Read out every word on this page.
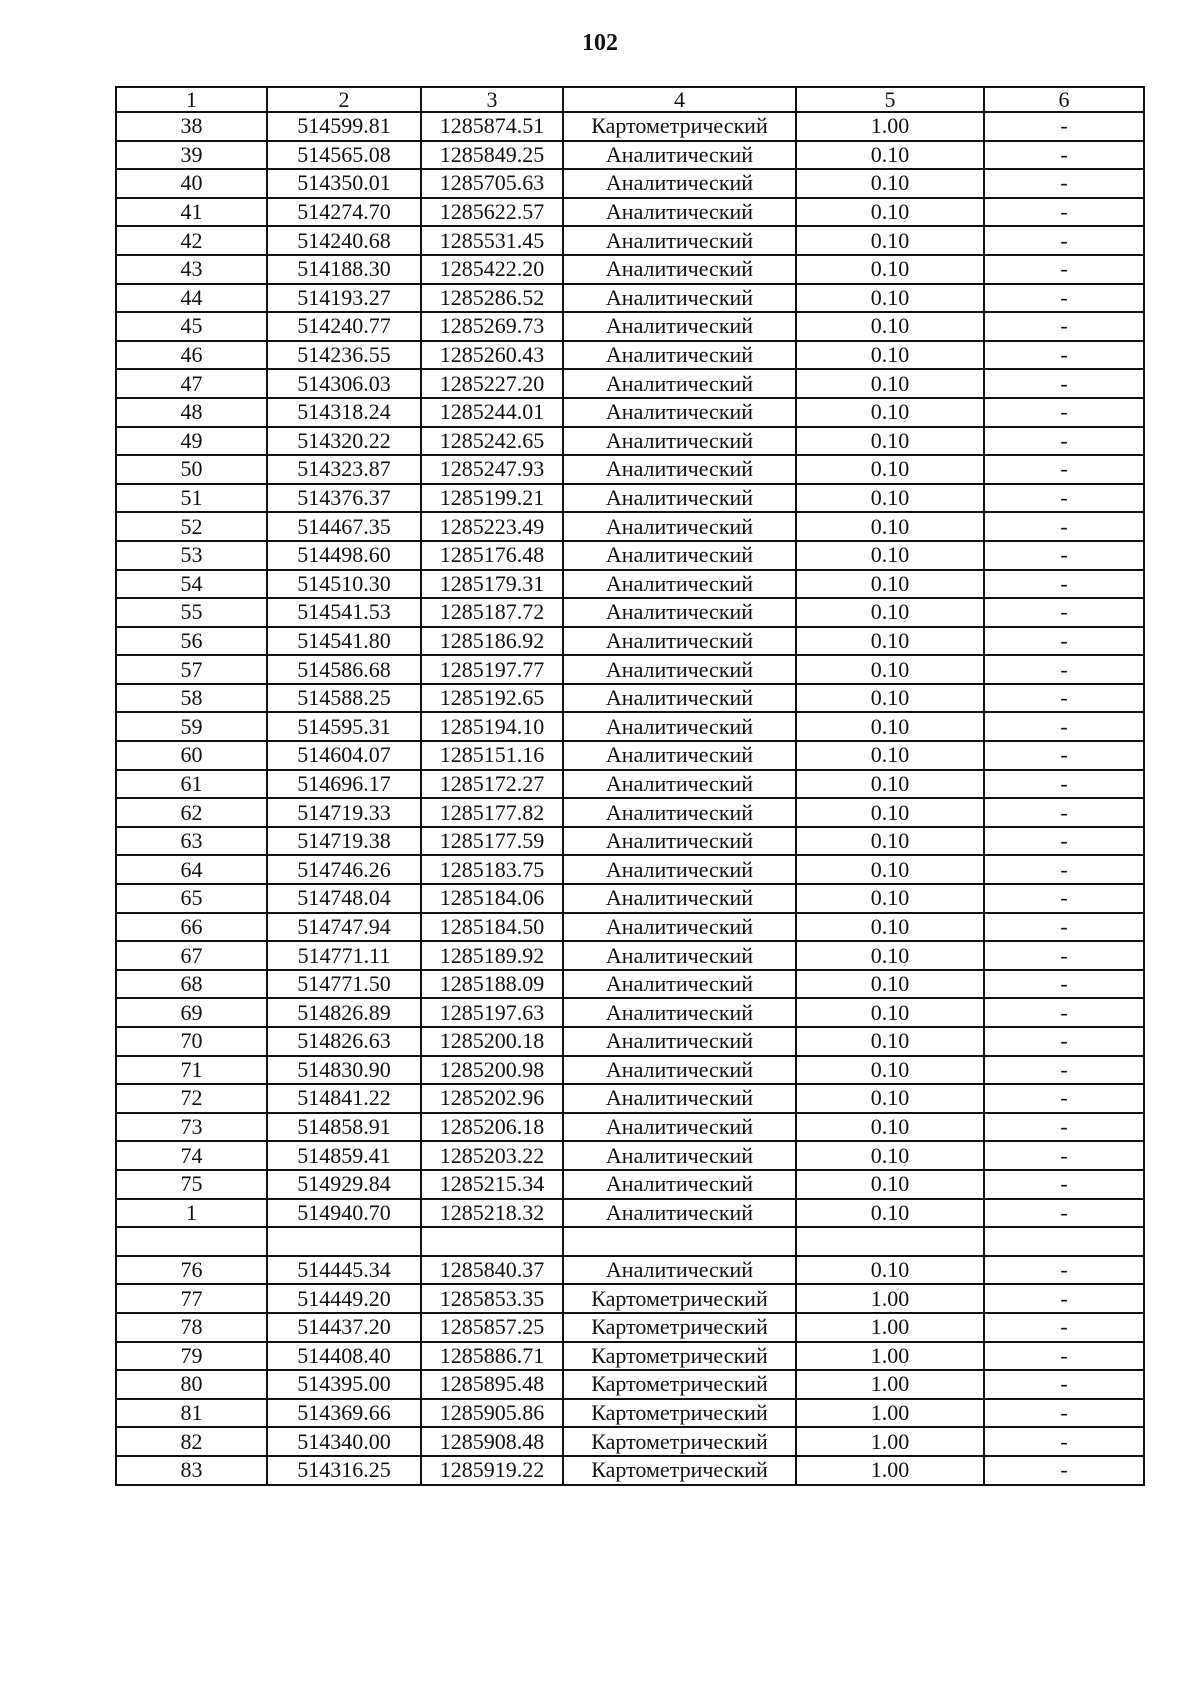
102
1	2	3	4	5	6
38	514599.81	1285874.51	Картометрический	1.00	-
39	514565.08	1285849.25	Аналитический	0.10	-
40	514350.01	1285705.63	Аналитический	0.10	-
41	514274.70	1285622.57	Аналитический	0.10	-
42	514240.68	1285531.45	Аналитический	0.10	-
43	514188.30	1285422.20	Аналитический	0.10	-
44	514193.27	1285286.52	Аналитический	0.10	-
45	514240.77	1285269.73	Аналитический	0.10	-
46	514236.55	1285260.43	Аналитический	0.10	-
47	514306.03	1285227.20	Аналитический	0.10	-
48	514318.24	1285244.01	Аналитический	0.10	-
49	514320.22	1285242.65	Аналитический	0.10	-
50	514323.87	1285247.93	Аналитический	0.10	-
51	514376.37	1285199.21	Аналитический	0.10	-
52	514467.35	1285223.49	Аналитический	0.10	-
53	514498.60	1285176.48	Аналитический	0.10	-
54	514510.30	1285179.31	Аналитический	0.10	-
55	514541.53	1285187.72	Аналитический	0.10	-
56	514541.80	1285186.92	Аналитический	0.10	-
57	514586.68	1285197.77	Аналитический	0.10	-
58	514588.25	1285192.65	Аналитический	0.10	-
59	514595.31	1285194.10	Аналитический	0.10	-
60	514604.07	1285151.16	Аналитический	0.10	-
61	514696.17	1285172.27	Аналитический	0.10	-
62	514719.33	1285177.82	Аналитический	0.10	-
63	514719.38	1285177.59	Аналитический	0.10	-
64	514746.26	1285183.75	Аналитический	0.10	-
65	514748.04	1285184.06	Аналитический	0.10	-
66	514747.94	1285184.50	Аналитический	0.10	-
67	514771.11	1285189.92	Аналитический	0.10	-
68	514771.50	1285188.09	Аналитический	0.10	-
69	514826.89	1285197.63	Аналитический	0.10	-
70	514826.63	1285200.18	Аналитический	0.10	-
71	514830.90	1285200.98	Аналитический	0.10	-
72	514841.22	1285202.96	Аналитический	0.10	-
73	514858.91	1285206.18	Аналитический	0.10	-
74	514859.41	1285203.22	Аналитический	0.10	-
75	514929.84	1285215.34	Аналитический	0.10	-
1	514940.70	1285218.32	Аналитический	0.10	-

76	514445.34	1285840.37	Аналитический	0.10	-
77	514449.20	1285853.35	Картометрический	1.00	-
78	514437.20	1285857.25	Картометрический	1.00	-
79	514408.40	1285886.71	Картометрический	1.00	-
80	514395.00	1285895.48	Картометрический	1.00	-
81	514369.66	1285905.86	Картометрический	1.00	-
82	514340.00	1285908.48	Картометрический	1.00	-
83	514316.25	1285919.22	Картометрический	1.00	-
